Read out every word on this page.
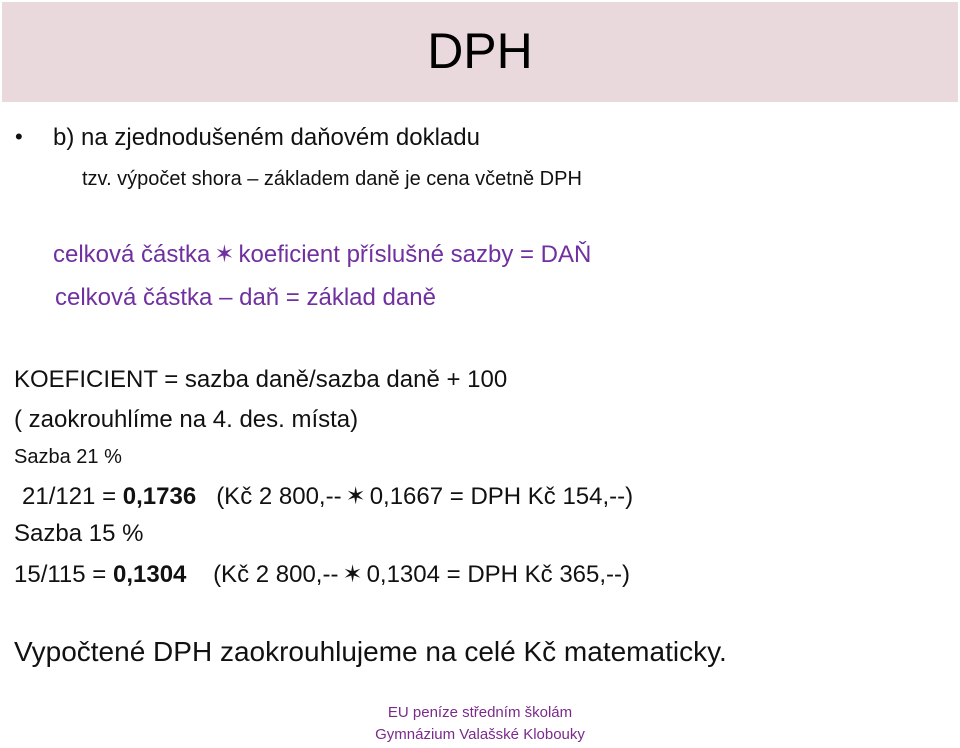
DPH
• b) na zjednodušeném daňovém dokladu
tzv. výpočet shora – základem daně je cena včetně DPH
celková částka ✶ koeficient příslušné sazby = DAŇ
celková částka – daň = základ daně
KOEFICIENT = sazba daně/sazba daně + 100
( zaokrouhlíme na 4. des. místa)
Sazba 21 %
21/121 = 0,1736 (Kč 2 800,-- ✶ 0,1667 = DPH Kč 154,--)
Sazba 15 %
15/115 = 0,1304 (Kč 2 800,-- ✶ 0,1304 = DPH Kč 365,--)
Vypočtené DPH zaokrouhlujeme na celé Kč matematicky.
EU peníze středním školám
Gymnázium Valašské Klobouky
